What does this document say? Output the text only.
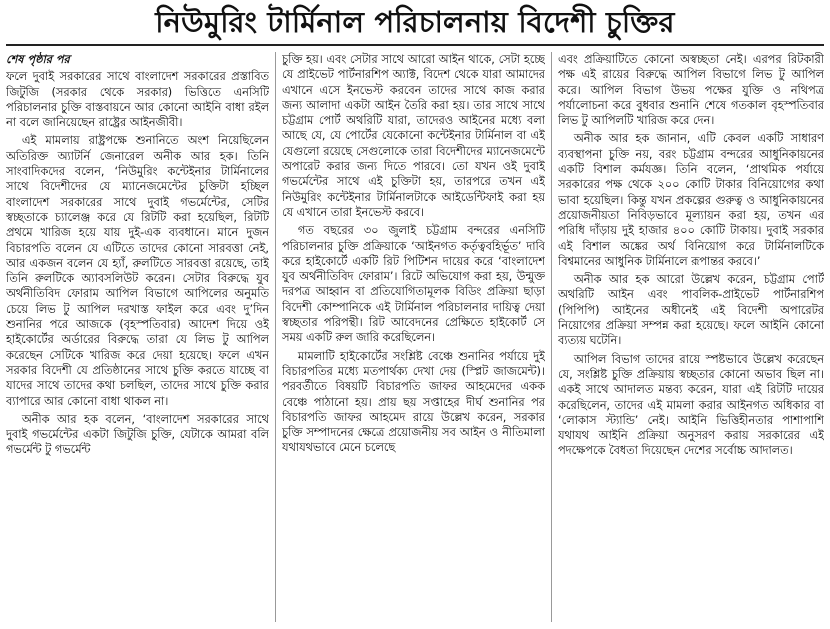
নিউমুরিং টার্মিনাল পরিচালনায় বিদেশী চুক্তির
শেষ পৃষ্ঠার পর

ফলে দুবাই সরকারের সাথে বাংলাদেশ সরকারের প্রস্তাবিত জিটুজি (সরকার থেকে সরকার) ভিত্তিতে এনসিটি পরিচালনার চুক্তি বাস্তবায়নে আর কোনো আইনি বাধা রইল না বলে জানিয়েছেন রাষ্ট্রের আইনজীবী।

এই মামলায় রাষ্ট্রপক্ষে শুনানিতে অংশ নিয়েছিলেন অতিরিক্ত অ্যাটর্নি জেনারেল অনীক আর হক। তিনি সাংবাদিকদের বলেন, ‘নিউমুরিং কন্টেইনার টার্মিনালের সাথে বিদেশীদের যে ম্যানেজমেন্টের চুক্তিটা হচ্ছিল বাংলাদেশ সরকারের সাথে দুবাই গভর্মেন্টের, সেটির স্বচ্ছতাকে চ্যালেঞ্জ করে যে রিটটি করা হয়েছিল, রিটটি প্রথমে খারিজ হয়ে যায় দুই-এক ব্যবধানে। মানে দুজন বিচারপতি বলেন যে এটিতে তাদের কোনো সারবত্তা নেই, আর একজন বলেন যে হ্যাঁ, রুলটিতে সারবত্তা রয়েছে, তাই তিনি রুলটিকে অ্যাবসলিউট করেন। সেটার বিরুদ্ধে যুব অর্থনীতিবিদ ফোরাম আপিল বিভাগে আপিলের অনুমতি চেয়ে লিভ টু আপিল দরখাস্ত ফাইল করে এবং দু’দিন শুনানির পরে আজকে (বৃহস্পতিবার) আদেশ দিয়ে ওই হাইকোর্টের অর্ডারের বিরুদ্ধে তারা যে লিভ টু আপিল করেছেন সেটিকে খারিজ করে দেয়া হয়েছে। ফলে এখন সরকার বিদেশী যে প্রতিষ্ঠানের সাথে চুক্তি করতে যাচ্ছে বা যাদের সাথে তাদের কথা চলছিল, তাদের সাথে চুক্তি করার ব্যাপারে আর কোনো বাধা থাকল না।

অনীক আর হক বলেন, ‘বাংলাদেশ সরকারের সাথে দুবাই গভর্মেন্টের একটা জিটুজি চুক্তি, যেটাকে আমরা বলি গভর্মেন্ট টু গভর্মেন্ট

চুক্তি হয়। এবং সেটার সাথে আরো আইন থাকে, সেটা হচ্ছে যে প্রাইভেট পার্টনারশিপ অ্যাক্ট, বিদেশ থেকে যারা আমাদের এখানে এসে ইনভেস্ট করবেন তাদের সাথে কাজ করার জন্য আলাদা একটা আইন তৈরি করা হয়। তার সাথে সাথে চট্টগ্রাম পোর্ট অথরিটি যারা, তাদেরও আইনের মধ্যে বলা আছে যে, যে পোর্টের যেকোনো কন্টেইনার টার্মিনাল বা এই যেগুলো রয়েছে সেগুলোকে তারা বিদেশীদের ম্যানেজমেন্টে অপারেট করার জন্য দিতে পারবে। তো যখন ওই দুবাই গভর্মেন্টের সাথে এই চুক্তিটা হয়, তারপরে তখন এই নিউমুরিং কন্টেইনার টার্মিনালটাকে আইডেন্টিফাই করা হয় যে এখানে তারা ইনভেস্ট করবে।

গত বছরের ৩০ জুলাই চট্টগ্রাম বন্দরের এনসিটি পরিচালনার চুক্তি প্রক্রিয়াকে ‘আইনগত কর্তৃত্ববহির্ভূত’ দাবি করে হাইকোর্টে একটি রিট পিটিশন দায়ের করে ‘বাংলাদেশ যুব অর্থনীতিবিদ ফোরাম’। রিটে অভিযোগ করা হয়, উন্মুক্ত দরপত্র আহ্বান বা প্রতিযোগিতামূলক বিডিং প্রক্রিয়া ছাড়া বিদেশী কোম্পানিকে এই টার্মিনাল পরিচালনার দায়িত্ব দেয়া স্বচ্ছতার পরিপন্থী। রিট আবেদনের প্রেক্ষিতে হাইকোর্ট সে সময় একটি রুল জারি করেছিলেন।

মামলাটি হাইকোর্টের সংশ্লিষ্ট বেঞ্চে শুনানির পর্যায়ে দুই বিচারপতির মধ্যে মতপার্থক্য দেখা দেয় (স্প্লিট জাজমেন্ট)। পরবর্তীতে বিষয়টি বিচারপতি জাফর আহমেদের একক বেঞ্চে পাঠানো হয়। প্রায় ছয় সপ্তাহের দীর্ঘ শুনানির পর বিচারপতি জাফর আহমেদ রায়ে উল্লেখ করেন, সরকার চুক্তি সম্পাদনের ক্ষেত্রে প্রয়োজনীয় সব আইন ও নীতিমালা যথাযথভাবে মেনে চলেছে

এবং প্রক্রিয়াটিতে কোনো অস্বচ্ছতা নেই। এরপর রিটকারী পক্ষ এই রায়ের বিরুদ্ধে আপিল বিভাগে লিভ টু আপিল করে। আপিল বিভাগ উভয় পক্ষের যুক্তি ও নথিপত্র পর্যালোচনা করে বুধবার শুনানি শেষে গতকাল বৃহস্পতিবার লিভ টু আপিলটি খারিজ করে দেন।

অনীক আর হক জানান, এটি কেবল একটি সাধারণ ব্যবস্থাপনা চুক্তি নয়, বরং চট্টগ্রাম বন্দরের আধুনিকায়নের একটি বিশাল কর্মযজ্ঞ। তিনি বলেন, ‘প্রাথমিক পর্যায়ে সরকারের পক্ষ থেকে ২০০ কোটি টাকার বিনিয়োগের কথা ভাবা হয়েছিল। কিন্তু যখন প্রকল্পের গুরুত্ব ও আধুনিকায়নের প্রয়োজনীয়তা নিবিড়ভাবে মূল্যায়ন করা হয়, তখন এর পরিধি দাঁড়ায় দুই হাজার ৪০০ কোটি টাকায়। দুবাই সরকার এই বিশাল অঙ্কের অর্থ বিনিয়োগ করে টার্মিনালটিকে বিশ্বমানের আধুনিক টার্মিনালে রূপান্তর করবে।’

অনীক আর হক আরো উল্লেখ করেন, চট্টগ্রাম পোর্ট অথরিটি আইন এবং পাবলিক-প্রাইভেট পার্টনারশিপ (পিপিপি) আইনের অধীনেই এই বিদেশী অপারেটর নিয়োগের প্রক্রিয়া সম্পন্ন করা হয়েছে। ফলে আইনি কোনো ব্যত্যয় ঘটেনি।

আপিল বিভাগ তাদের রায়ে স্পষ্টভাবে উল্লেখ করেছেন যে, সংশ্লিষ্ট চুক্তি প্রক্রিয়ায় স্বচ্ছতার কোনো অভাব ছিল না। একই সাথে আদালত মন্তব্য করেন, যারা এই রিটটি দায়ের করেছিলেন, তাদের এই মামলা করার আইনগত অধিকার বা ‘লোকাস স্ট্যান্ডি’ নেই। আইনি ভিত্তিহীনতার পাশাপাশি যথাযথ আইনি প্রক্রিয়া অনুসরণ করায় সরকারের এই পদক্ষেপকে বৈধতা দিয়েছেন দেশের সর্বোচ্চ আদালত।
